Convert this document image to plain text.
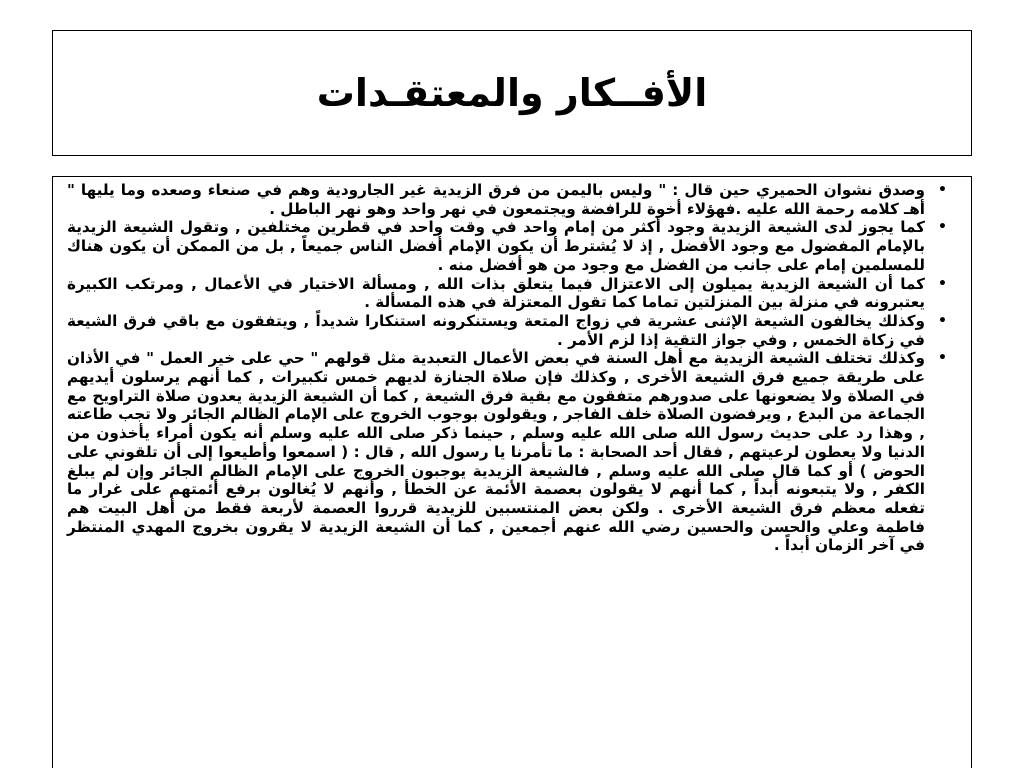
الأفــكار والمعتقـدات
•
وصدق نشوان الحميري حين قال : " وليس باليمن من فرق الزيدية غير الجارودية وهم في صنعاء وصعده وما يليها " أهـ كلامه رحمة الله عليه .فهؤلاء أخوة للرافضة ويجتمعون في نهر واحد وهو نهر الباطل .
•
كما يجوز لدى الشيعة الزيدية وجود أكثر من إمام واحد في وقت واحد في قطرين مختلفين , وتقول الشيعة الزيدية بالإمام المفضول مع وجود الأفضل , إذ لا يُشترط أن يكون الإمام أفضل الناس جميعاً , بل من الممكن أن يكون هناك للمسلمين إمام على جانب من الفضل مع وجود من هو أفضل منه .
•
كما أن الشيعة الزيدية يميلون إلى الاعتزال فيما يتعلق بذات الله , ومسألة الاختيار في الأعمال , ومرتكب الكبيرة يعتبرونه في منزلة بين المنزلتين تماما كما تقول المعتزلة في هذه المسألة .
•
وكذلك يخالفون الشيعة الإثنى عشرية في زواج المتعة ويستنكرونه استنكارا شديداً , ويتفقون مع باقي فرق الشيعة في زكاة الخمس , وفي جواز التقية إذا لزم الأمر .
•
وكذلك تختلف الشيعة الزيدية مع أهل السنة في بعض الأعمال التعبدية مثل قولهم " حي على خير العمل " في الأذان على طريقة جميع فرق الشيعة الأخرى , وكذلك فإن صلاة الجنازة لديهم خمس تكبيرات , كما أنهم يرسلون أيديهم في الصلاة ولا يضعونها على صدورهم متفقون مع بقية فرق الشيعة , كما أن الشيعة الزيدية يعدون صلاة التراويح مع الجماعة من البدع , ويرفضون الصلاة خلف الفاجر , ويقولون بوجوب الخروج على الإمام الظالم الجائر ولا تجب طاعته , وهذا رد على حديث رسول الله صلى الله عليه وسلم , حينما ذكر صلى الله عليه وسلم أنه يكون أمراء يأخذون من الدنيا ولا يعطون لرعيتهم , فقال أحد الصحابة : ما تأمرنا يا رسول الله , قال : ( اسمعوا وأطيعوا إلى أن تلقوني على الحوض ) أو كما قال صلى الله عليه وسلم , فالشيعة الزيدية يوجبون الخروج على الإمام الظالم الجائر وإن لم يبلغ الكفر , ولا يتبعونه أبداً , كما أنهم لا يقولون بعصمة الأئمة عن الخطأ , وأنهم لا يُغالون برفع أئمتهم على غرار ما تفعله معظم فرق الشيعة الأخرى . ولكن بعض المنتسبين للزيدية قرروا العصمة لأربعة فقط من أهل البيت هم فاطمة وعلي والحسن والحسين رضي الله عنهم أجمعين , كما أن الشيعة الزيدية لا يقرون بخروج المهدي المنتظر في آخر الزمان أبداً .
